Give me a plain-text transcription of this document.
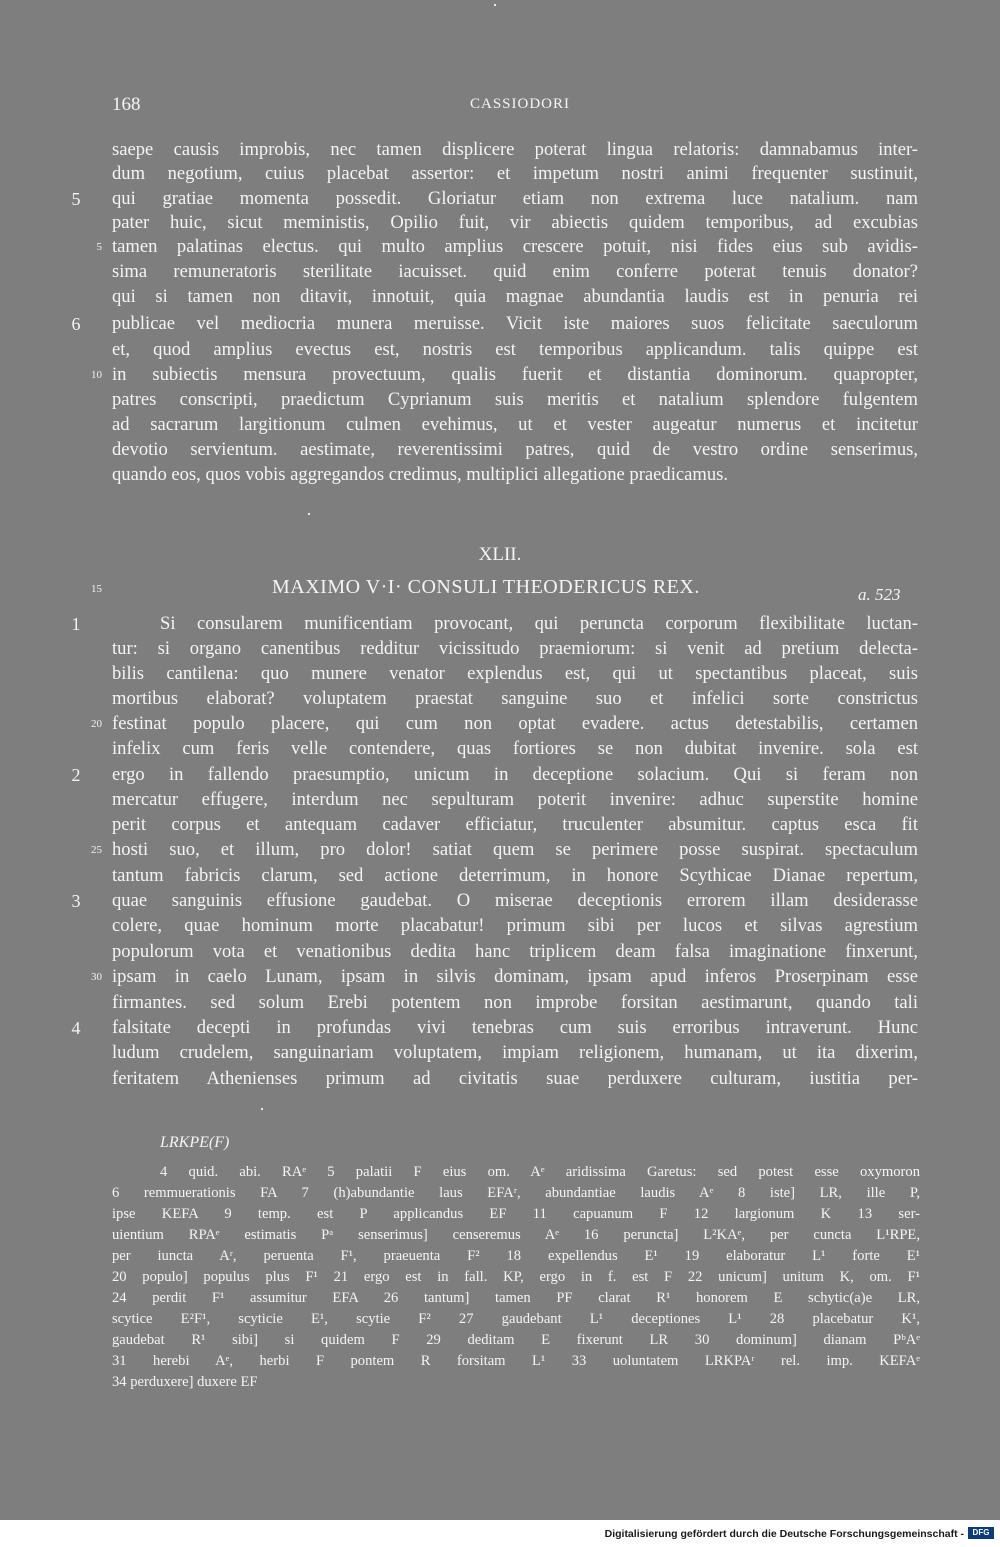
168	CASSIODORI
saepe causis improbis, nec tamen displicere poterat lingua relatoris: damnabamus inter-
dum negotium, cuius placebat assertor: et impetum nostri animi frequenter sustinuit,
qui gratiae momenta possedit. Gloriatur etiam non extrema luce natalium. nam
pater huic, sicut meministis, Opilio fuit, vir abiectis quidem temporibus, ad excubias
tamen palatinas electus. qui multo amplius crescere potuit, nisi fides eius sub avidis-
sima remuneratoris sterilitate iacuisset. quid enim conferre poterat tenuis donator?
qui si tamen non ditavit, innotuit, quia magnae abundantia laudis est in penuria rei
publicae vel mediocria munera meruisse. Vicit iste maiores suos felicitate saeculorum
et, quod amplius evectus est, nostris est temporibus applicandum. talis quippe est
in subiectis mensura provectuum, qualis fuerit et distantia dominorum. quapropter,
patres conscripti, praedictum Cyprianum suis meritis et natalium splendore fulgentem
ad sacrarum largitionum culmen evehimus, ut et vester augeatur numerus et incitetur
devotio servientum. aestimate, reverentissimi patres, quid de vestro ordine senserimus,
quando eos, quos vobis aggregandos credimus, multiplici allegatione praedicamus.
5
5
6
10
XLII.
15	MAXIMO V·I· CONSULI THEODERICUS REX.	a. 523
Si consularem munificentiam provocant, qui peruncta corporum flexibilitate luctan-
tur: si organo canentibus redditur vicissitudo praemiorum: si venit ad pretium delecta-
bilis cantilena: quo munere venator explendus est, qui ut spectantibus placeat, suis
mortibus elaborat? voluptatem praestat sanguine suo et infelici sorte constrictus
festinat populo placere, qui cum non optat evadere. actus detestabilis, certamen
infelix cum feris velle contendere, quas fortiores se non dubitat invenire. sola est
ergo in fallendo praesumptio, unicum in deceptione solacium. Qui si feram non
mercatur effugere, interdum nec sepulturam poterit invenire: adhuc superstite homine
perit corpus et antequam cadaver efficiatur, truculenter absumitur. captus esca fit
hosti suo, et illum, pro dolor! satiat quem se perimere posse suspirat. spectaculum
tantum fabricis clarum, sed actione deterrimum, in honore Scythicae Dianae repertum,
quae sanguinis effusione gaudebat. O miserae deceptionis errorem illam desiderasse
colere, quae hominum morte placabatur! primum sibi per lucos et silvas agrestium
populorum vota et venationibus dedita hanc triplicem deam falsa imaginatione finxerunt,
ipsam in caelo Lunam, ipsam in silvis dominam, ipsam apud inferos Proserpinam esse
firmantes. sed solum Erebi potentem non improbe forsitan aestimarunt, quando tali
falsitate decepti in profundas vivi tenebras cum suis erroribus intraverunt. Hunc
ludum crudelem, sanguinariam voluptatem, impiam religionem, humanam, ut ita dixerim,
feritatem Athenienses primum ad civitatis suae perduxere culturam, iustitia per-
1
20
2
25
3
30
4
LRKPE(F)
4 quid. abi. RAᵉ 5 palatii F eius om. Aᵉ aridissima Garetus: sed potest esse oxymoron
6 remmuerationis FA 7 (h)abundantie laus EFAʳ, abundantiae laudis Aᵉ 8 iste] LR, ille P,
ipse KEFA 9 temp. est P applicandus EF 11 capuanum F 12 largionum K 13 ser-
uientium RPAᵉ estimatis Pᵃ senserimus] censeremus Aᵉ 16 peruncta] L²KAᵉ, per cuncta L¹RPE,
per iuncta Aʳ, peruenta F¹, praeuenta F² 18 expellendus E¹ 19 elaboratur L¹ forte E¹
20 populo] populus plus F¹ 21 ergo est in fall. KP, ergo in f. est F 22 unicum] unitum K, om. F¹
24 perdit F¹ assumitur EFA 26 tantum] tamen PF clarat R¹ honorem E schytic(a)e LR,
scytice E²F¹, scyticie E¹, scytie F² 27 gaudebant L¹ deceptiones L¹ 28 placebatur K¹,
gaudebat R¹ sibi] si quidem F 29 deditam E fixerunt LR 30 dominum] dianam PᵇAᵉ
31 herebi Aᵉ, herbi F pontem R forsitam L¹ 33 uoluntatem LRKPAʳ rel. imp. KEFAᵉ
34 perduxere] duxere EF
Digitalisierung gefördert durch die Deutsche Forschungsgemeinschaft -	DFG
